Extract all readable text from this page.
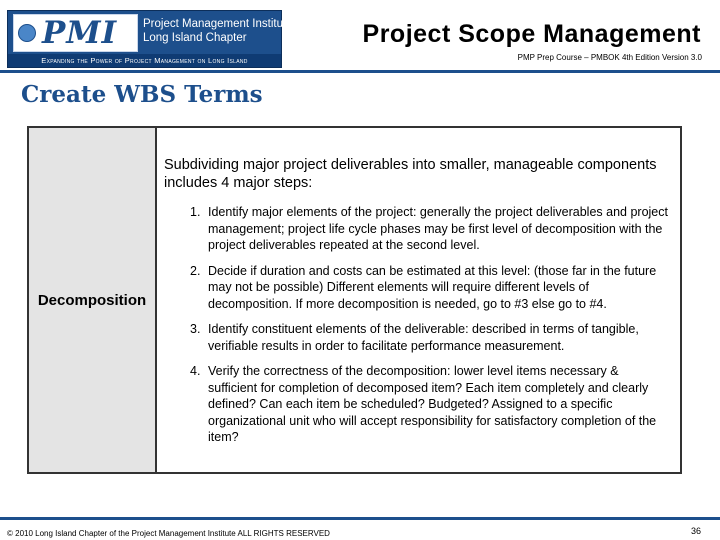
PMI Project Management Institute
Long Island Chapter
Expanding the Power of Project Management on Long Island
Project Scope Management
PMP Prep Course – PMBOK 4th Edition Version 3.0
Create WBS Terms
Decomposition

Subdividing major project deliverables into smaller, manageable components includes 4 major steps:

1. Identify major elements of the project: generally the project deliverables and project management; project life cycle phases may be first level of decomposition with the project deliverables repeated at the second level.
2. Decide if duration and costs can be estimated at this level: (those far in the future may not be possible) Different elements will require different levels of decomposition. If more decomposition is needed, go to #3 else go to #4.
3. Identify constituent elements of the deliverable: described in terms of tangible, verifiable results in order to facilitate performance measurement.
4. Verify the correctness of the decomposition: lower level items necessary & sufficient for completion of decomposed item? Each item completely and clearly defined? Can each item be scheduled? Budgeted? Assigned to a specific organizational unit who will accept responsibility for satisfactory completion of the item?
© 2010 Long Island Chapter of the Project Management Institute ALL RIGHTS RESERVED	36
